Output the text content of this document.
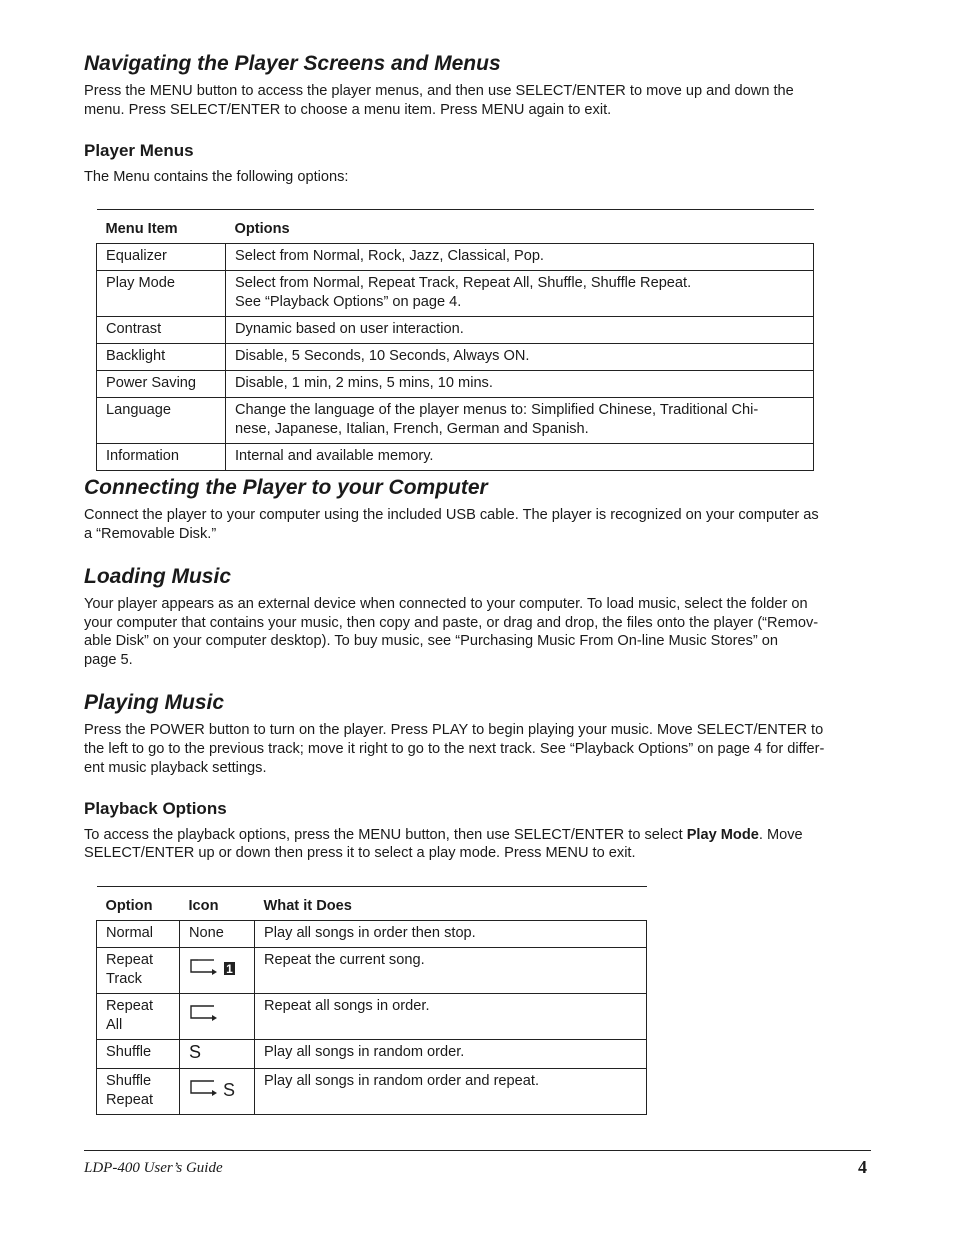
Navigating the Player Screens and Menus

Press the MENU button to access the player menus, and then use SELECT/ENTER to move up and down the

menu. Press SELECT/ENTER to choose a menu item. Press MENU again to exit.

Player Menus

The Menu contains the following options:

Menu Item	Options
Equalizer	Select from Normal, Rock, Jazz, Classical, Pop.
Play Mode	Select from Normal, Repeat Track, Repeat All, Shuffle, Shuffle Repeat.
See “Playback Options” on page 4.
Contrast	Dynamic based on user interaction.
Backlight	Disable, 5 Seconds, 10 Seconds, Always ON.
Power Saving	Disable, 1 min, 2 mins, 5 mins, 10 mins.
Language	Change the language of the player menus to: Simplified Chinese, Traditional Chi-
nese, Japanese, Italian, French, German and Spanish.
Information	Internal and available memory.
Connecting the Player to your Computer

Connect the player to your computer using the included USB cable. The player is recognized on your computer as

a “Removable Disk.”

Loading Music

Your player appears as an external device when connected to your computer. To load music, select the folder on

your computer that contains your music, then copy and paste, or drag and drop, the files onto the player (“Remov-

able Disk” on your computer desktop). To buy music, see “Purchasing Music From On-line Music Stores” on

page 5.

Playing Music

Press the POWER button to turn on the player. Press PLAY to begin playing your music. Move SELECT/ENTER to

the left to go to the previous track; move it right to go to the next track. See “Playback Options” on page 4 for differ-

ent music playback settings.

Playback Options

To access the playback options, press the MENU button, then use SELECT/ENTER to select Play Mode. Move

SELECT/ENTER up or down then press it to select a play mode. Press MENU to exit.

Option	Icon	What it Does
Normal	None	Play all songs in order then stop.
Repeat
Track	1	Repeat the current song.
Repeat
All		Repeat all songs in order.
Shuffle	S	Play all songs in random order.
Shuffle
Repeat	S	Play all songs in random order and repeat.
LDP-400 User’s Guide	4
